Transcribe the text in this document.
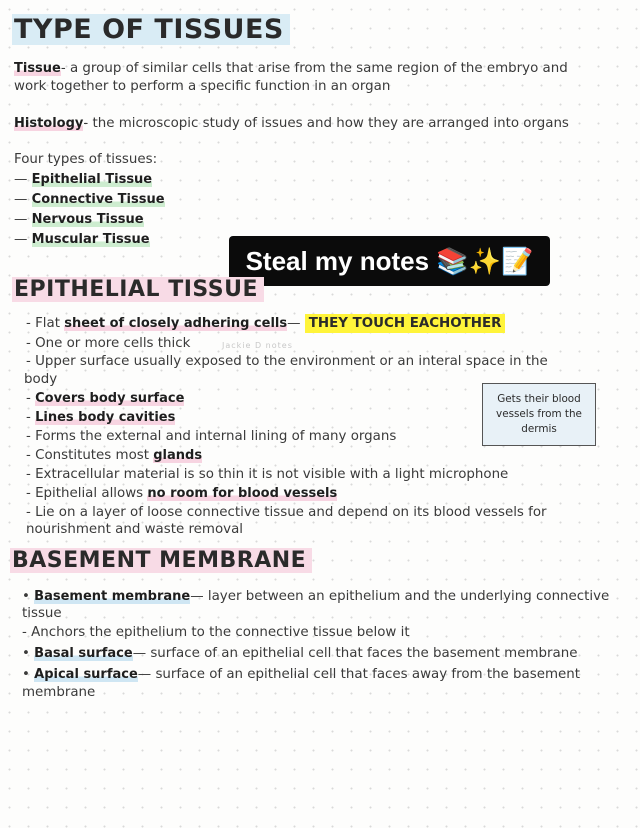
TYPE OF TISSUES
Tissue- a group of similar cells that arise from the same region of the embryo and work together to perform a specific function in an organ
Histology- the microscopic study of issues and how they are arranged into organs
Four types of tissues:
— Epithelial Tissue
— Connective Tissue
— Nervous Tissue
— Muscular Tissue
Steal my notes 📚✨📝
EPITHELIAL TISSUE
- Flat sheet of closely adhering cells— THEY TOUCH EACHOTHER
- One or more cells thick
- Upper surface usually exposed to the environment or an interal space in the
body
- Covers body surface
- Lines body cavities
- Forms the external and internal lining of many organs
- Constitutes most glands
- Extracellular material is so thin it is not visible with a light microphone
- Epithelial allows no room for blood vessels
- Lie on a layer of loose connective tissue and depend on its blood vessels for
nourishment and waste removal
Jackie D notes
Gets their blood vessels from the dermis
BASEMENT MEMBRANE
• Basement membrane— layer between an epithelium and the underlying connective
tissue
- Anchors the epithelium to the connective tissue below it
• Basal surface— surface of an epithelial cell that faces the basement membrane
• Apical surface— surface of an epithelial cell that faces away from the basement
membrane
